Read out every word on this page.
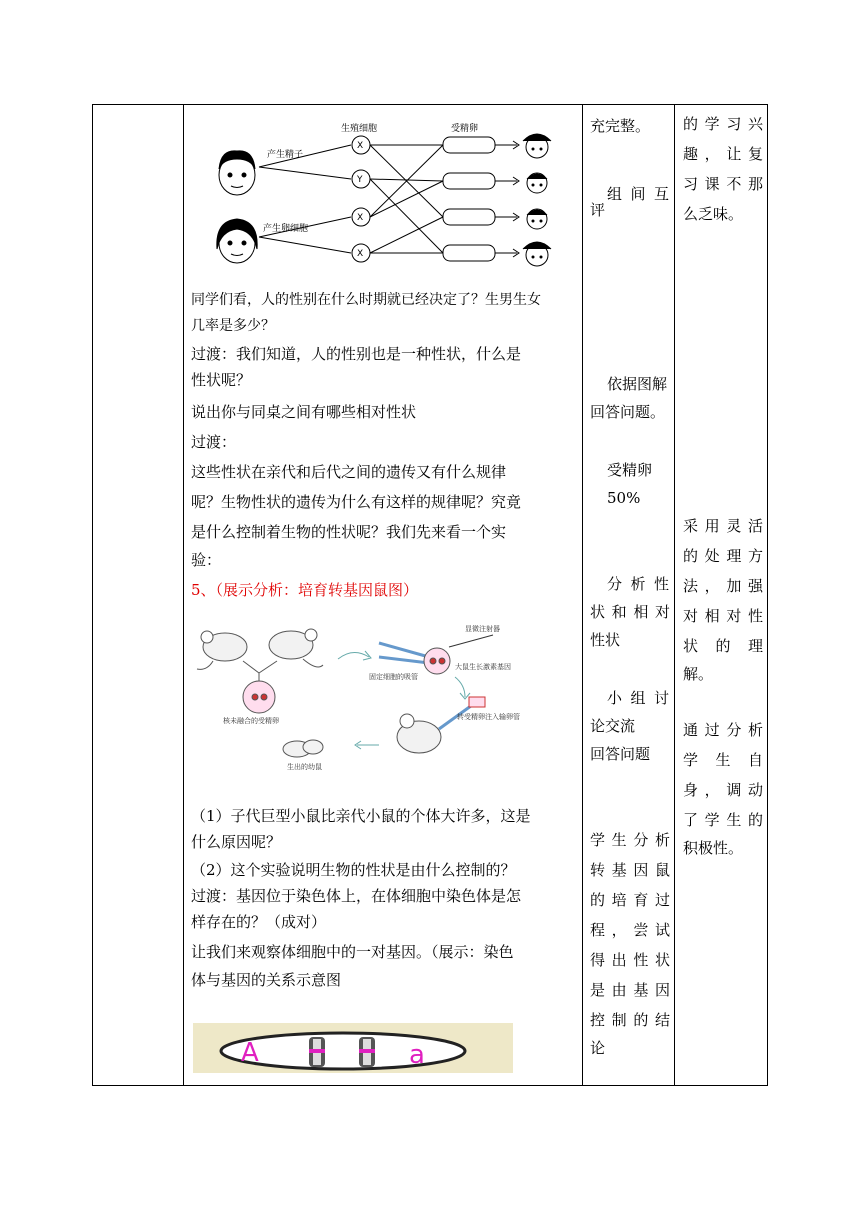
X
Y
X
X
生殖细胞	受精卵
产生精子
产生卵细胞
同学们看，人的性别在什么时期就已经决定了？生男生女
几率是多少？
过渡：我们知道，人的性别也是一种性状，什么是
性状呢？
说出你与同桌之间有哪些相对性状
过渡：
这些性状在亲代和后代之间的遗传又有什么规律
呢？生物性状的遗传为什么有这样的规律呢？究竟
是什么控制着生物的性状呢？我们先来看一个实
验：
5、（展示分析：培育转基因鼠图）
显微注射器
大鼠生长激素基因
固定细胞的吸管
核未融合的受精卵	转受精卵注入输卵管
生出的幼鼠
（1）子代巨型小鼠比亲代小鼠的个体大许多，这是
什么原因呢？
（2）这个实验说明生物的性状是由什么控制的？
过渡：基因位于染色体上，在体细胞中染色体是怎
样存在的？（成对）
让我们来观察体细胞中的一对基因。（展示：染色
体与基因的关系示意图
A	a
充完整。
组间互
评
依据图解
回答问题。
受精卵
50%
分析性
状和相对
性状
小组讨
论交流
回答问题
学生分析
转基因鼠
的培育过
程，尝试
得出性状
是由基因
控制的结
论
的学习兴
趣，让复
习课不那
么乏味。
采用灵活
的处理方
法，加强
对相对性
状的理
解。
通过分析
学生自
身，调动
了学生的
积极性。
